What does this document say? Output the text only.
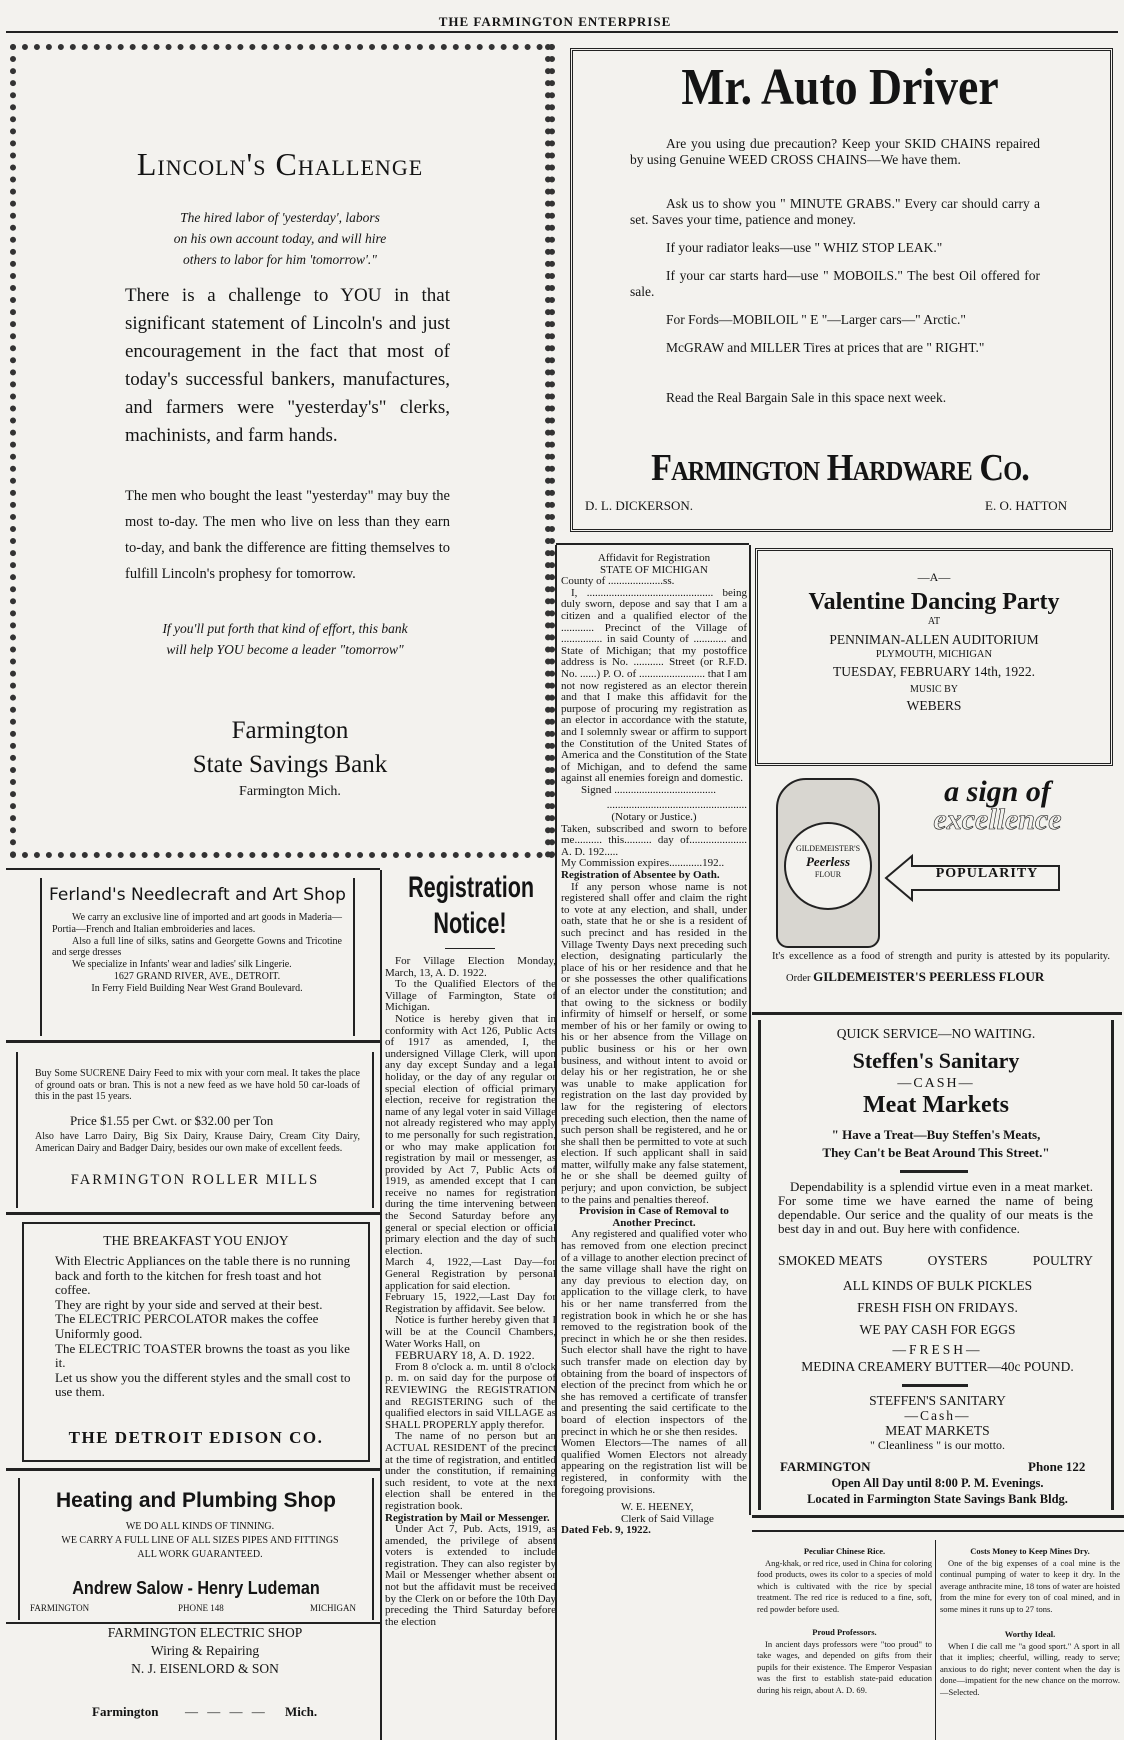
THE FARMINGTON ENTERPRISE
Lincoln's Challenge
The hired labor of 'yesterday', labors
on his own account today, and will hire
others to labor for him 'tomorrow'."
There is a challenge to YOU in that significant statement of Lincoln's and just encouragement in the fact that most of today's successful bankers, manufactures, and farmers were "yesterday's" clerks, machinists, and farm hands.
The men who bought the least "yesterday" may buy the most to-day. The men who live on less than they earn to-day, and bank the difference are fitting themselves to fulfill Lincoln's prophesy for tomorrow.
If you'll put forth that kind of effort, this bank
will help YOU become a leader "tomorrow"
Farmington
State Savings Bank
Farmington Mich.
Mr. Auto Driver

Are you using due precaution? Keep your SKID CHAINS repaired by using Genuine WEED CROSS CHAINS—We have them.

Ask us to show you " MINUTE GRABS." Every car should carry a set. Saves your time, patience and money.

If your radiator leaks—use " WHIZ STOP LEAK."

If your car starts hard—use " MOBOILS." The best Oil offered for sale.

For Fords—MOBILOIL " E "—Larger cars—" Arctic."

McGRAW and MILLER Tires at prices that are " RIGHT."

Read the Real Bargain Sale in this space next week.

Farmington Hardware Co.
D. L. DICKERSON.	E. O. HATTON

Affidavit for Registration

STATE OF MICHIGAN

County of ....................ss.

I, .............................................. being duly sworn, depose and say that I am a citizen and a qualified elector of the ............ Precinct of the Village of ............... in said County of ............ and State of Michigan; that my postoffice address is No. ........... Street (or R.F.D. No. ......) P. O. of ........................ that I am not now registered as an elector therein and that I make this affidavit for the purpose of procuring my registration as an elector in accordance with the statute, and I solemnly swear or affirm to support the Constitution of the United States of America and the Constitution of the State of Michigan, and to defend the same against all enemies foreign and domestic.

Signed .....................................

...................................................

(Notary or Justice.)

Taken, subscribed and sworn to before me.......... this.......... day of..................... A. D. 192.....

My Commission expires............192..

Registration of Absentee by Oath.

If any person whose name is not registered shall offer and claim the right to vote at any election, and shall, under oath, state that he or she is a resident of such precinct and has resided in the Village Twenty Days next preceding such election, designating particularly the place of his or her residence and that he or she possesses the other qualifications of an elector under the constitution; and that owing to the sickness or bodily infirmity of himself or herself, or some member of his or her family or owing to his or her absence from the Village on public business or his or her own business, and without intent to avoid or delay his or her registration, he or she was unable to make application for registration on the last day provided by law for the registering of electors preceding such election, then the name of such person shall be registered, and he or she shall then be permitted to vote at such election. If such applicant shall in said matter, wilfully make any false statement, he or she shall be deemed guilty of perjury; and upon conviction, be subject to the pains and penalties thereof.

Provision in Case of Removal to Another Precinct.

Any registered and qualified voter who has removed from one election precinct of a village to another election precinct of the same village shall have the right on any day previous to election day, on application to the village clerk, to have his or her name transferred from the registration book in which he or she has removed to the registration book of the precinct in which he or she then resides. Such elector shall have the right to have such transfer made on election day by obtaining from the board of inspectors of election of the precinct from which he or she has removed a certificate of transfer and presenting the said certificate to the board of election inspectors of the precinct in which he or she then resides.

Women Electors—The names of all qualified Women Electors not already appearing on the registration list will be registered, in conformity with the foregoing provisions.

W. E. HEENEY,

Clerk of Said Village

Dated Feb. 9, 1922.

Registration
Notice!

For Village Election Monday, March, 13, A. D. 1922.

To the Qualified Electors of the Village of Farmington, State of Michigan.

Notice is hereby given that in conformity with Act 126, Public Acts of 1917 as amended, I, the undersigned Village Clerk, will upon any day except Sunday and a legal holiday, or the day of any regular or special election of official primary election, receive for registration the name of any legal voter in said Village not already registered who may apply to me personally for such registration, or who may make application for registration by mail or messenger, as provided by Act 7, Public Acts of 1919, as amended except that I can receive no names for registration during the time intervening between the Second Saturday before any general or special election or official primary election and the day of such election.

March 4, 1922,—Last Day—for General Registration by personal application for said election.

February 15, 1922,—Last Day for Registration by affidavit. See below.

Notice is further hereby given that I will be at the Council Chambers, Water Works Hall, on

FEBRUARY 18, A. D. 1922.

From 8 o'clock a. m. until 8 o'clock p. m. on said day for the purpose of REVIEWING the REGISTRATION and REGISTERING such of the qualified electors in said VILLAGE as SHALL PROPERLY apply therefor.

The name of no person but an ACTUAL RESIDENT of the precinct at the time of registration, and entitled under the constitution, if remaining such resident, to vote at the next election shall be entered in the registration book.

Registration by Mail or Messenger.

Under Act 7, Pub. Acts, 1919, as amended, the privilege of absent voters is extended to include registration. They can also register by Mail or Messenger whether absent or not but the affidavit must be received by the Clerk on or before the 10th Day preceding the Third Saturday before the election

—A—
Valentine Dancing Party
AT
PENNIMAN-ALLEN AUDITORIUM
PLYMOUTH, MICHIGAN
TUESDAY, FEBRUARY 14th, 1922.
MUSIC BY
WEBERS
GILDEMEISTER'S
Peerless
FLOUR
a sign of
excellence
POPULARITY
It's excellence as a food of strength and purity is attested by its popularity. Order GILDEMEISTER'S PEERLESS FLOUR
QUICK SERVICE—NO WAITING.
Steffen's Sanitary
—CASH—
Meat Markets
" Have a Treat—Buy Steffen's Meats,
They Can't be Beat Around This Street."
Dependability is a splendid virtue even in a meat market. For some time we have earned the name of being dependable. Our serice and the quality of our meats is the best day in and out. Buy here with confidence.
SMOKED MEATS	OYSTERS	POULTRY
ALL KINDS OF BULK PICKLES
FRESH FISH ON FRIDAYS.
WE PAY CASH FOR EGGS
—FRESH—
MEDINA CREAMERY BUTTER—40c POUND.
STEFFEN'S SANITARY
—Cash—
MEAT MARKETS
" Cleanliness " is our motto.
FARMINGTON	Phone 122
Open All Day until 8:00 P. M. Evenings.
Located in Farmington State Savings Bank Bldg.
Peculiar Chinese Rice.

Ang-khak, or red rice, used in China for coloring food products, owes its color to a species of mold which is cultivated with the rice by special treatment. The red rice is reduced to a fine, soft, red powder before used.

Proud Professors.

In ancient days professors were "too proud" to take wages, and depended on gifts from their pupils for their existence. The Emperor Vespasian was the first to establish state-paid education during his reign, about A. D. 69.

Costs Money to Keep Mines Dry.

One of the big expenses of a coal mine is the continual pumping of water to keep it dry. In the average anthracite mine, 18 tons of water are hoisted from the mine for every ton of coal mined, and in some mines it runs up to 27 tons.

Worthy Ideal.

When I die call me "a good sport." A sport in all that it implies; cheerful, willing, ready to serve; anxious to do right; never content when the day is done—impatient for the new chance on the morrow.—Selected.

Ferland's Needlecraft and Art Shop

We carry an exclusive line of imported and art goods in Maderia—Portia—French and Italian embroideries and laces.

Also a full line of silks, satins and Georgette Gowns and Tricotine and serge dresses

We specialize in Infants' wear and ladies' silk Lingerie.

1627 GRAND RIVER, AVE., DETROIT.

In Ferry Field Building Near West Grand Boulevard.

Buy Some SUCRENE Dairy Feed to mix with your corn meal. It takes the place of ground oats or bran. This is not a new feed as we have hold 50 car-loads of this in the past 15 years.
Price $1.55 per Cwt. or $32.00 per Ton
Also have Larro Dairy, Big Six Dairy, Krause Dairy, Cream City Dairy, American Dairy and Badger Dairy, besides our own make of excellent feeds.
FARMINGTON ROLLER MILLS
THE BREAKFAST YOU ENJOY

With Electric Appliances on the table there is no running back and forth to the kitchen for fresh toast and hot coffee.

They are right by your side and served at their best.

The ELECTRIC PERCOLATOR makes the coffee Uniformly good.

The ELECTRIC TOASTER browns the toast as you like it.

Let us show you the different styles and the small cost to use them.

THE DETROIT EDISON CO.
Heating and Plumbing Shop
WE DO ALL KINDS OF TINNING.
WE CARRY A FULL LINE OF ALL SIZES PIPES AND FITTINGS
ALL WORK GUARANTEED.
Andrew Salow - Henry Ludeman
FARMINGTON	PHONE 148	MICHIGAN
FARMINGTON ELECTRIC SHOP
Wiring & Repairing
N. J. EISENLORD & SON
Farmington — — — — Mich.
